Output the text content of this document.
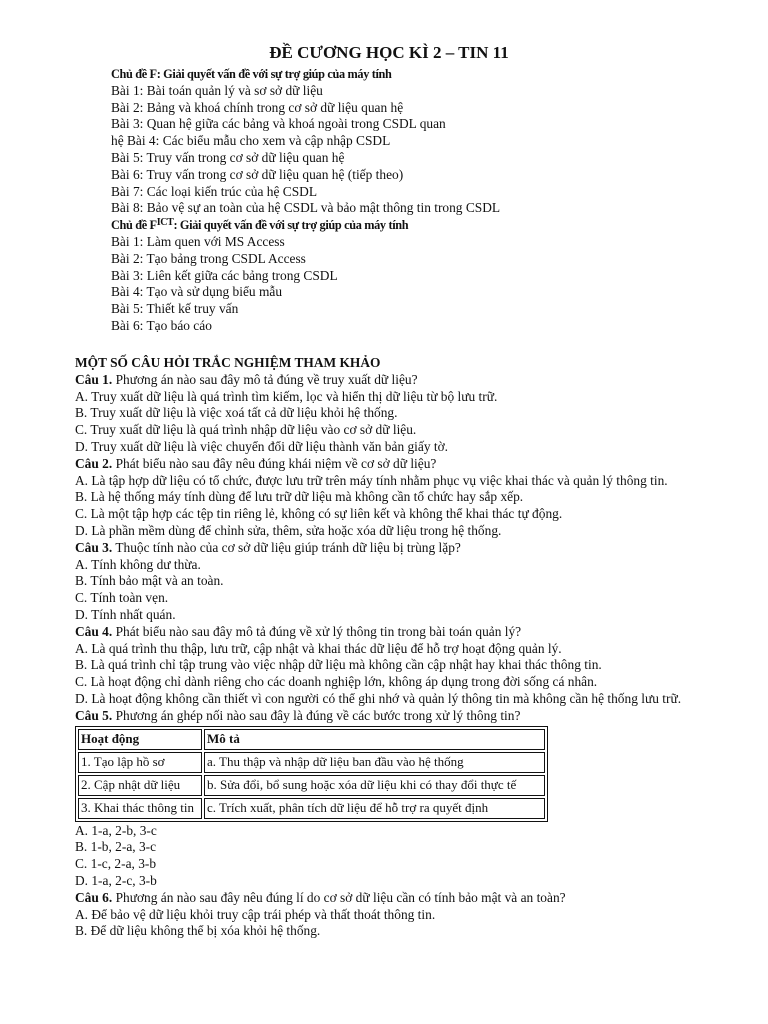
ĐỀ CƯƠNG HỌC KÌ 2 – TIN 11
Chủ đề F: Giải quyết vấn đề với sự trợ giúp của máy tính
Bài 1: Bài toán quản lý và sơ sở dữ liệu
Bài 2: Bảng và khoá chính trong cơ sở dữ liệu quan hệ
Bài 3: Quan hệ giữa các bảng và khoá ngoài trong CSDL quan
hệ Bài 4: Các biểu mẫu cho xem và cập nhập CSDL
Bài 5: Truy vấn trong cơ sở dữ liệu quan hệ
Bài 6: Truy vấn trong cơ sở dữ liệu quan hệ (tiếp theo)
Bài 7: Các loại kiến trúc của hệ CSDL
Bài 8: Bảo vệ sự an toàn của hệ CSDL và bảo mật thông tin trong CSDL
Chủ đề $F^{ICT}$: Giải quyết vấn đề với sự trợ giúp của máy tính
Bài 1: Làm quen với MS Access
Bài 2: Tạo bảng trong CSDL Access
Bài 3: Liên kết giữa các bảng trong CSDL
Bài 4: Tạo và sử dụng biểu mẫu
Bài 5: Thiết kế truy vấn
Bài 6: Tạo báo cáo
MỘT SỐ CÂU HỎI TRẮC NGHIỆM THAM KHẢO
Câu 1. Phương án nào sau đây mô tả đúng về truy xuất dữ liệu?
A. Truy xuất dữ liệu là quá trình tìm kiếm, lọc và hiển thị dữ liệu từ bộ lưu trữ.
B. Truy xuất dữ liệu là việc xoá tất cả dữ liệu khỏi hệ thống.
C. Truy xuất dữ liệu là quá trình nhập dữ liệu vào cơ sở dữ liệu.
D. Truy xuất dữ liệu là việc chuyển đổi dữ liệu thành văn bản giấy tờ.
Câu 2. Phát biểu nào sau đây nêu đúng khái niệm về cơ sở dữ liệu?
A. Là tập hợp dữ liệu có tổ chức, được lưu trữ trên máy tính nhằm phục vụ việc khai thác và quản lý thông tin.
B. Là hệ thống máy tính dùng để lưu trữ dữ liệu mà không cần tổ chức hay sắp xếp.
C. Là một tập hợp các tệp tin riêng lẻ, không có sự liên kết và không thể khai thác tự động.
D. Là phần mềm dùng để chỉnh sửa, thêm, sửa hoặc xóa dữ liệu trong hệ thống.
Câu 3. Thuộc tính nào của cơ sở dữ liệu giúp tránh dữ liệu bị trùng lặp?
A. Tính không dư thừa.
B. Tính bảo mật và an toàn.
C. Tính toàn vẹn.
D. Tính nhất quán.
Câu 4. Phát biểu nào sau đây mô tả đúng về xử lý thông tin trong bài toán quản lý?
A. Là quá trình thu thập, lưu trữ, cập nhật và khai thác dữ liệu để hỗ trợ hoạt động quản lý.
B. Là quá trình chỉ tập trung vào việc nhập dữ liệu mà không cần cập nhật hay khai thác thông tin.
C. Là hoạt động chỉ dành riêng cho các doanh nghiệp lớn, không áp dụng trong đời sống cá nhân.
D. Là hoạt động không cần thiết vì con người có thể ghi nhớ và quản lý thông tin mà không cần hệ thống lưu trữ.
Câu 5. Phương án ghép nối nào sau đây là đúng về các bước trong xử lý thông tin?
Hoạt động	Mô tả
1. Tạo lập hồ sơ	a. Thu thập và nhập dữ liệu ban đầu vào hệ thống
2. Cập nhật dữ liệu	b. Sửa đổi, bổ sung hoặc xóa dữ liệu khi có thay đổi thực tế
3. Khai thác thông tin	c. Trích xuất, phân tích dữ liệu để hỗ trợ ra quyết định
A. 1-a, 2-b, 3-c
B. 1-b, 2-a, 3-c
C. 1-c, 2-a, 3-b
D. 1-a, 2-c, 3-b
Câu 6. Phương án nào sau đây nêu đúng lí do cơ sở dữ liệu cần có tính bảo mật và an toàn?
A. Để bảo vệ dữ liệu khỏi truy cập trái phép và thất thoát thông tin.
B. Để dữ liệu không thể bị xóa khỏi hệ thống.
